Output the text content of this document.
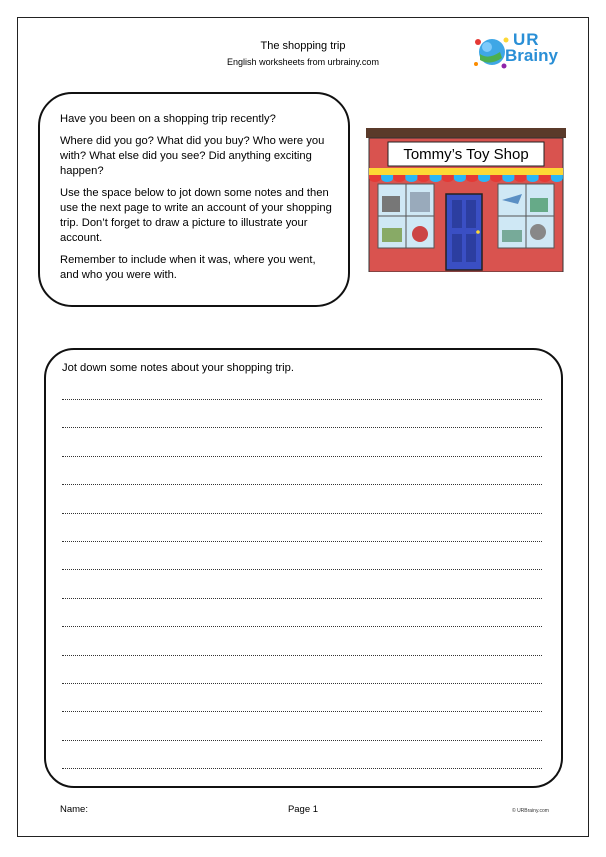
The shopping trip
English worksheets from urbrainy.com
UR
Brainy

Have you been on a shopping trip recently?

Where did you go? What did you buy? Who were you with? What else did you see? Did anything exciting happen?

Use the space below to jot down some notes and then use the next page to write an account of your shopping trip. Don’t forget to draw a picture to illustrate your account.

Remember to include when it was, where you went, and who you were with.

Tommy’s Toy Shop
Jot down some notes about your shopping trip.
Name:	Page 1	© URBrainy.com
